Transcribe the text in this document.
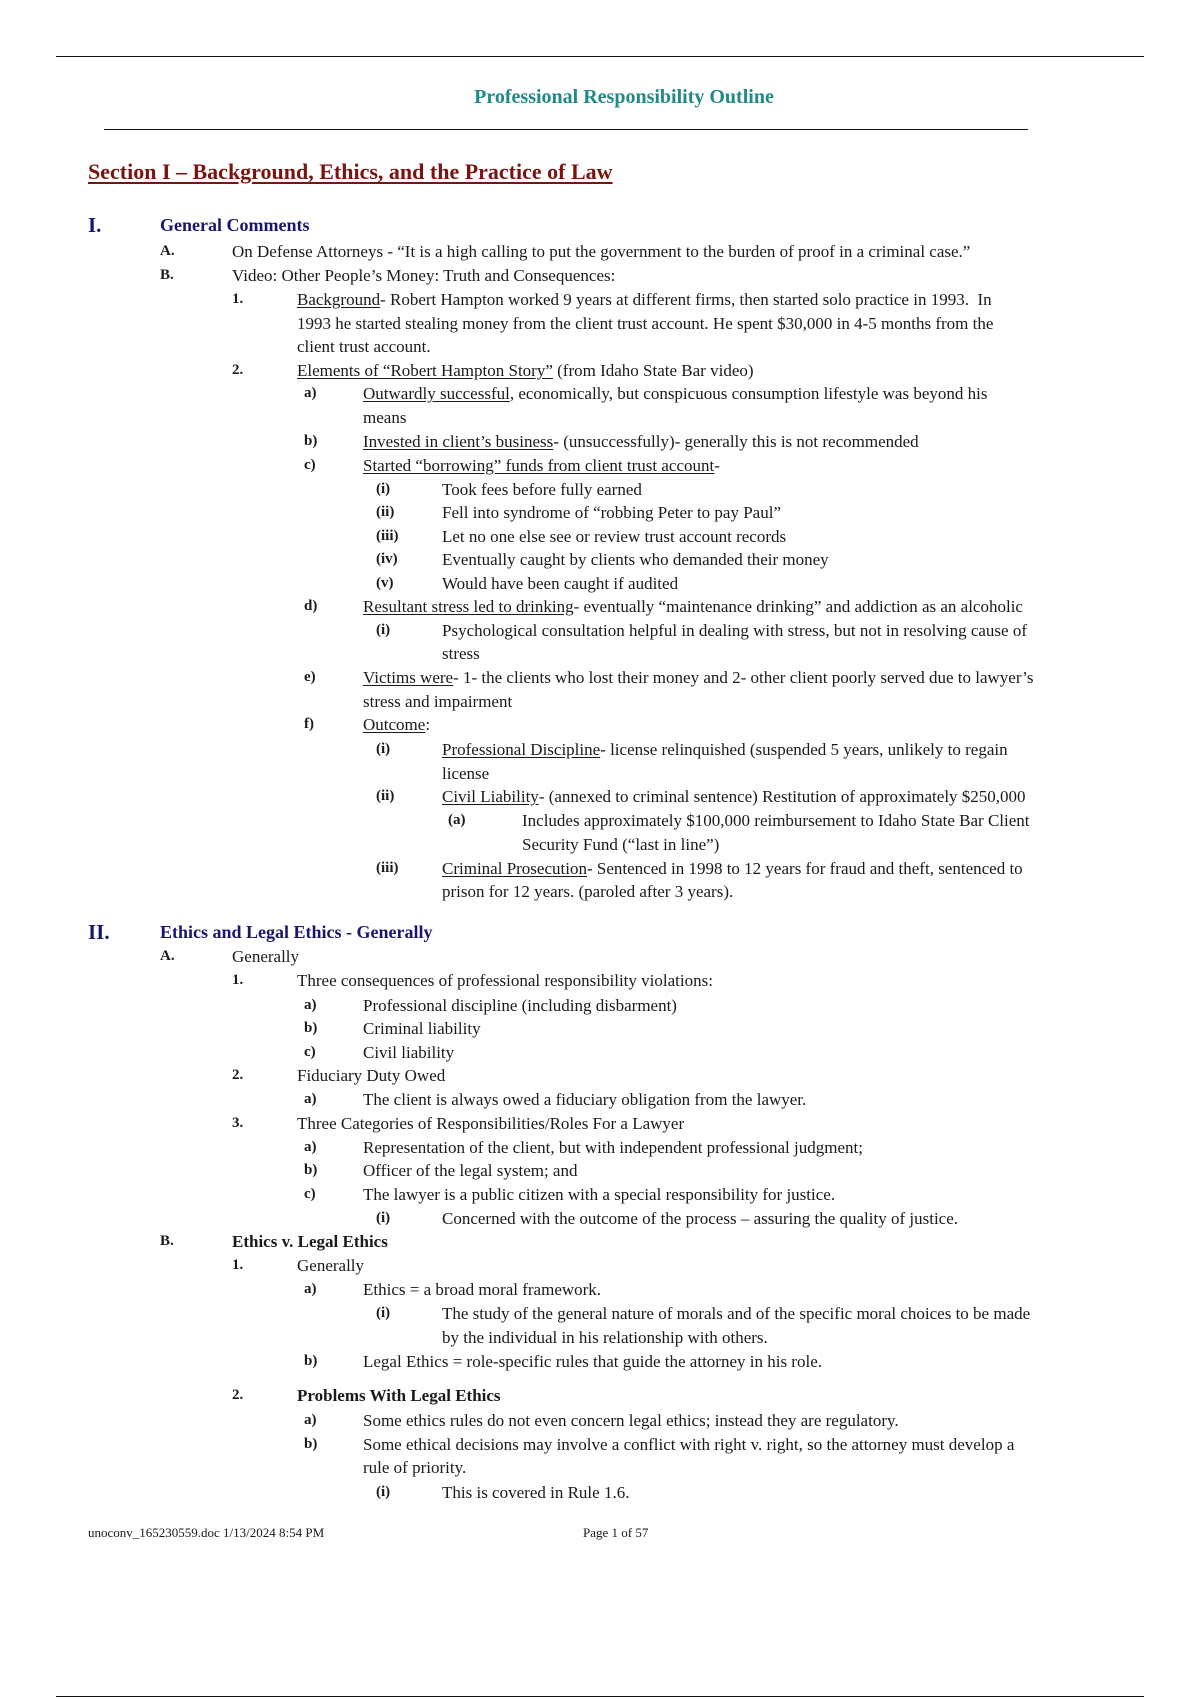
Professional Responsibility Outline
Section I – Background, Ethics, and the Practice of Law
I.	General Comments
A.	On Defense Attorneys - “It is a high calling to put the government to the burden of proof in a criminal case.”
B.	Video: Other People’s Money: Truth and Consequences:
1.	Background- Robert Hampton worked 9 years at different firms, then started solo practice in 1993.  In
1993 he started stealing money from the client trust account. He spent $30,000 in 4-5 months from the
client trust account.
2.	Elements of “Robert Hampton Story” (from Idaho State Bar video)
a)	Outwardly successful, economically, but conspicuous consumption lifestyle was beyond his
means
b)	Invested in client’s business- (unsuccessfully)- generally this is not recommended
c)	Started “borrowing” funds from client trust account-
(i)	Took fees before fully earned
(ii)	Fell into syndrome of “robbing Peter to pay Paul”
(iii)	Let no one else see or review trust account records
(iv)	Eventually caught by clients who demanded their money
(v)	Would have been caught if audited
d)	Resultant stress led to drinking- eventually “maintenance drinking” and addiction as an alcoholic
(i)	Psychological consultation helpful in dealing with stress, but not in resolving cause of
stress
e)	Victims were- 1- the clients who lost their money and 2- other client poorly served due to lawyer’s
stress and impairment
f)	Outcome:
(i)	Professional Discipline- license relinquished (suspended 5 years, unlikely to regain
license
(ii)	Civil Liability- (annexed to criminal sentence) Restitution of approximately $250,000
(a)	Includes approximately $100,000 reimbursement to Idaho State Bar Client
Security Fund (“last in line”)
(iii)	Criminal Prosecution- Sentenced in 1998 to 12 years for fraud and theft, sentenced to
prison for 12 years. (paroled after 3 years).
II.	Ethics and Legal Ethics - Generally
A.	Generally
1.	Three consequences of professional responsibility violations:
a)	Professional discipline (including disbarment)
b)	Criminal liability
c)	Civil liability
2.	Fiduciary Duty Owed
a)	The client is always owed a fiduciary obligation from the lawyer.
3.	Three Categories of Responsibilities/Roles For a Lawyer
a)	Representation of the client, but with independent professional judgment;
b)	Officer of the legal system; and
c)	The lawyer is a public citizen with a special responsibility for justice.
(i)	Concerned with the outcome of the process – assuring the quality of justice.
B.	Ethics v. Legal Ethics
1.	Generally
a)	Ethics = a broad moral framework.
(i)	The study of the general nature of morals and of the specific moral choices to be made
by the individual in his relationship with others.
b)	Legal Ethics = role-specific rules that guide the attorney in his role.
2.	Problems With Legal Ethics
a)	Some ethics rules do not even concern legal ethics; instead they are regulatory.
b)	Some ethical decisions may involve a conflict with right v. right, so the attorney must develop a
rule of priority.
(i)	This is covered in Rule 1.6.
unoconv_165230559.doc 1/13/2024 8:54 PM	Page 1 of 57
